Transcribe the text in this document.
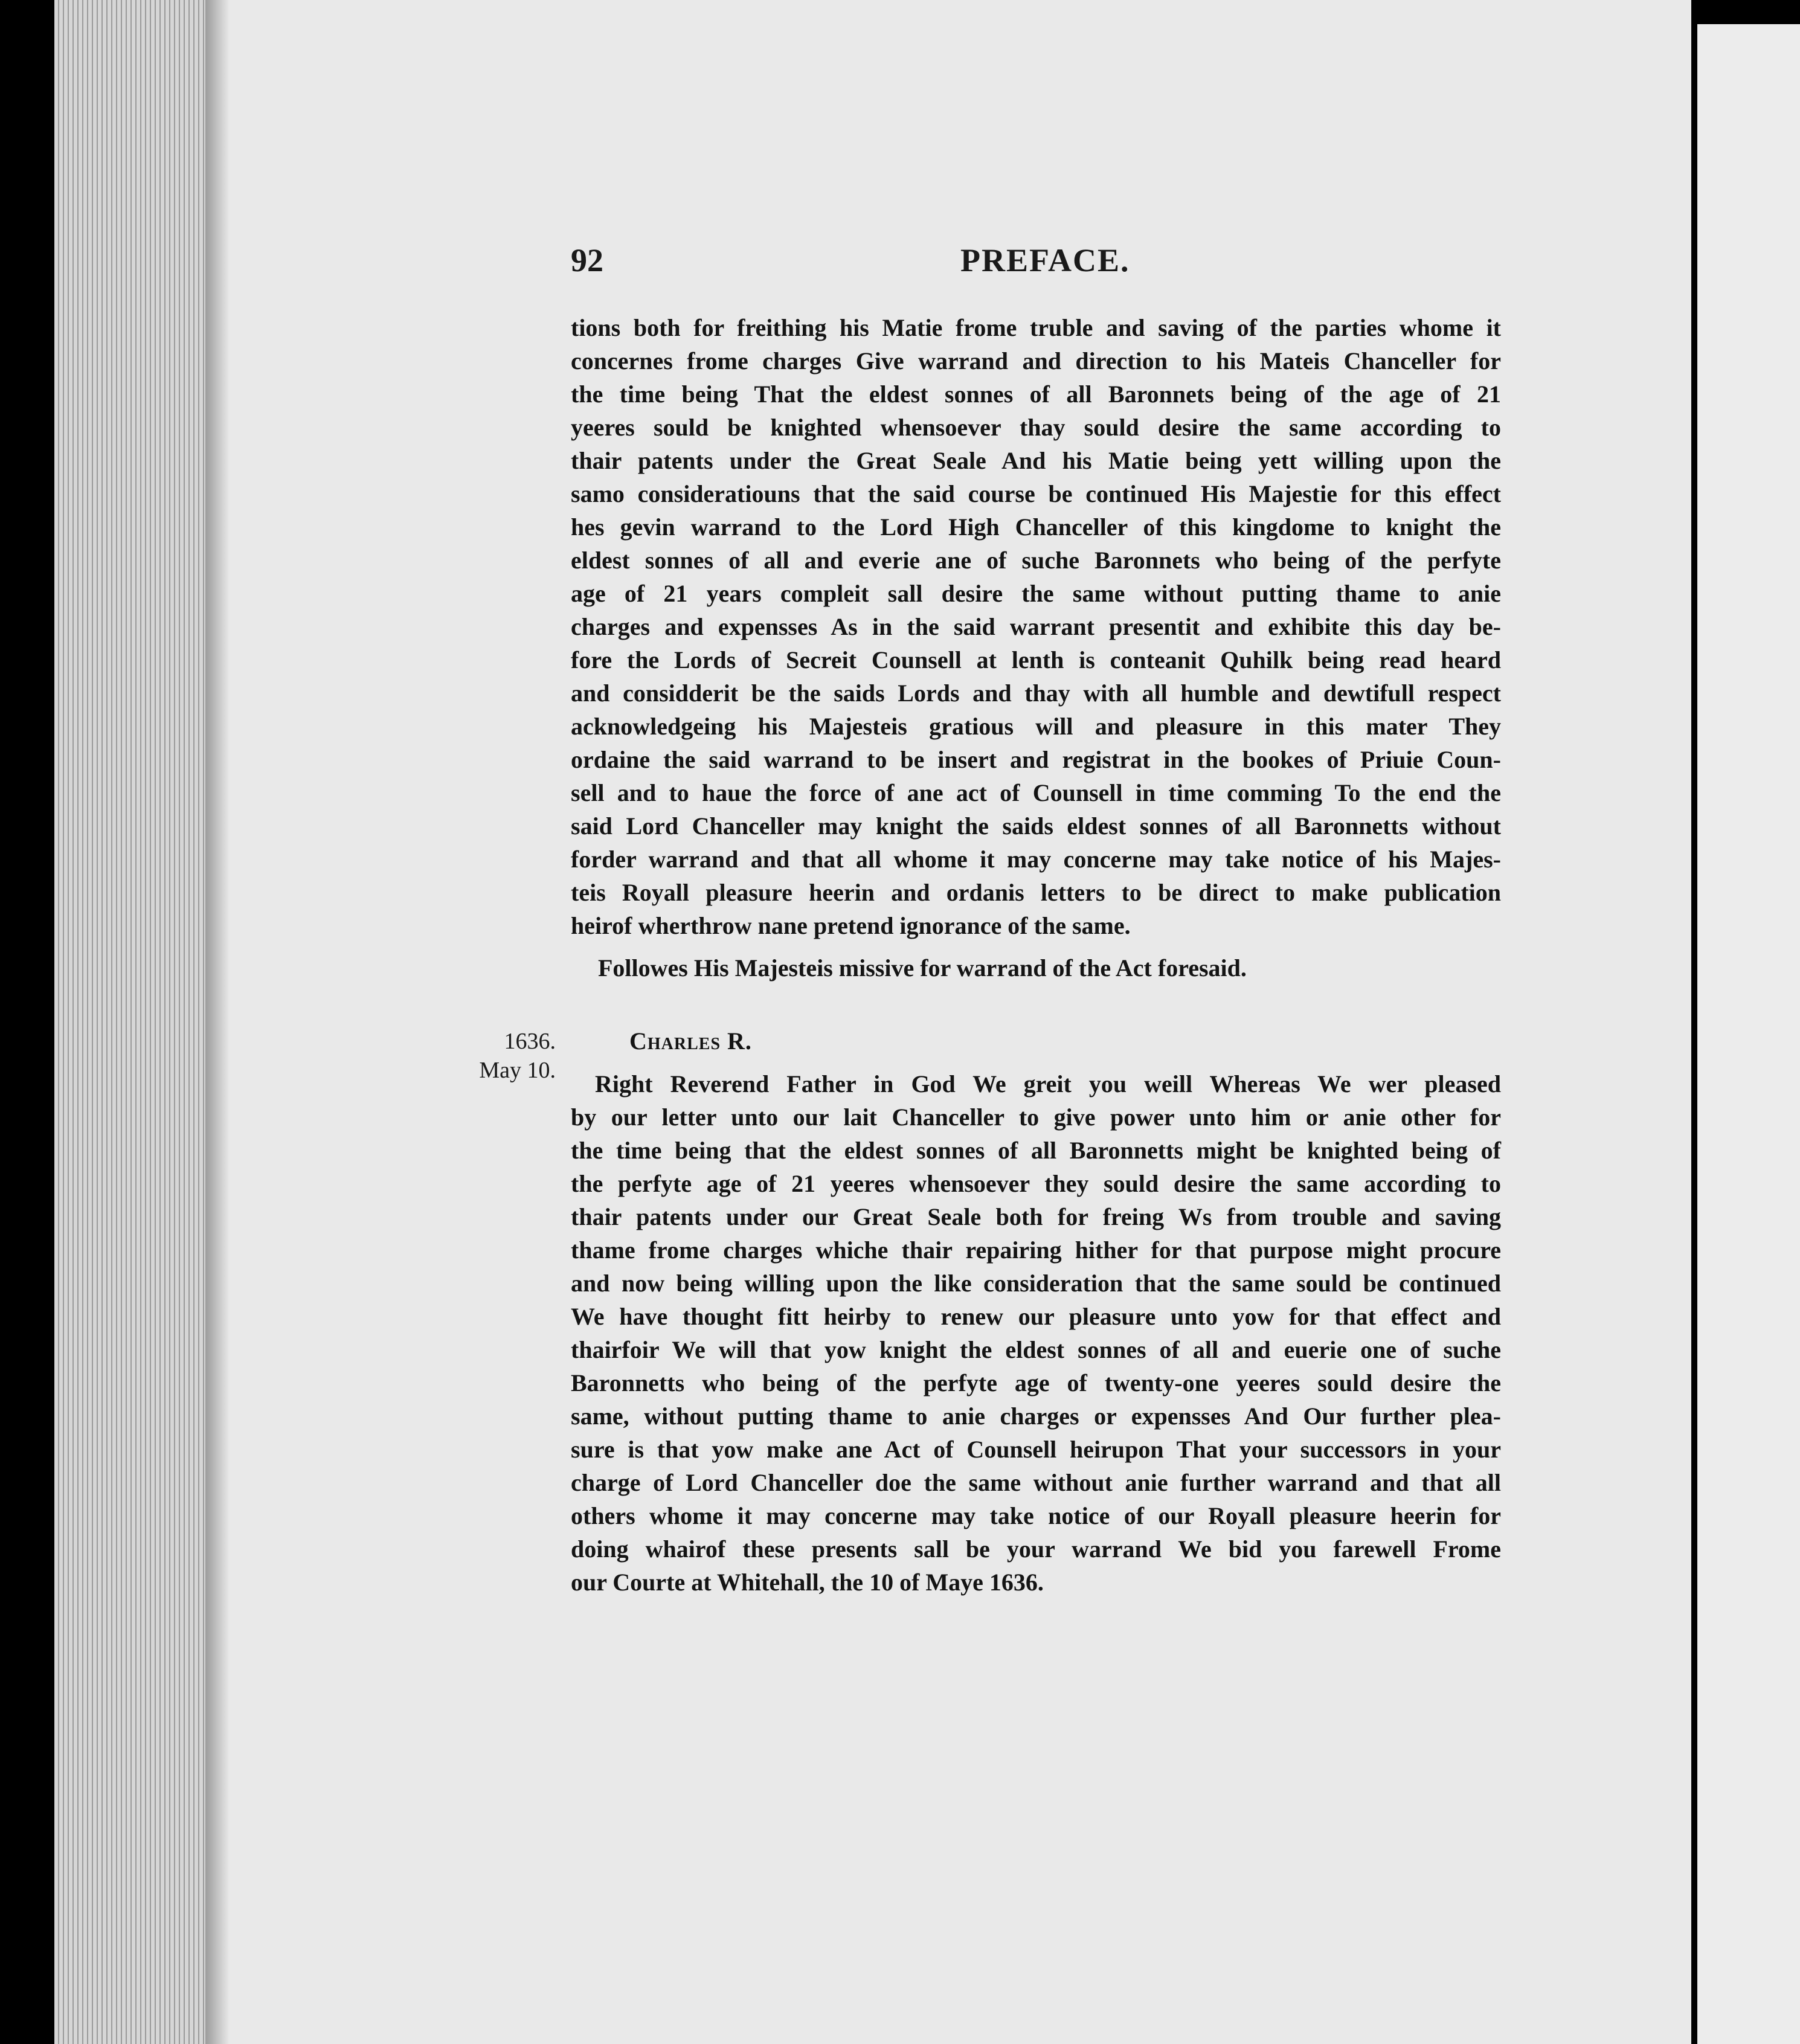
92	PREFACE.
tions both for freithing his Matie frome truble and saving of the parties whome it
concernes frome charges Give warrand and direction to his Mateis Chanceller for
the time being That the eldest sonnes of all Baronnets being of the age of 21
yeeres sould be knighted whensoever thay sould desire the same according to
thair patents under the Great Seale And his Matie being yett willing upon the
samo consideratiouns that the said course be continued His Majestie for this effect
hes gevin warrand to the Lord High Chanceller of this kingdome to knight the
eldest sonnes of all and everie ane of suche Baronnets who being of the perfyte
age of 21 years compleit sall desire the same without putting thame to anie
charges and expensses As in the said warrant presentit and exhibite this day be-
fore the Lords of Secreit Counsell at lenth is conteanit Quhilk being read heard
and considderit be the saids Lords and thay with all humble and dewtifull respect
acknowledgeing his Majesteis gratious will and pleasure in this mater They
ordaine the said warrand to be insert and registrat in the bookes of Priuie Coun-
sell and to haue the force of ane act of Counsell in time comming To the end the
said Lord Chanceller may knight the saids eldest sonnes of all Baronnetts without
forder warrand and that all whome it may concerne may take notice of his Majes-
teis Royall pleasure heerin and ordanis letters to be direct to make publication
heirof wherthrow nane pretend ignorance of the same.
Followes His Majesteis missive for warrand of the Act foresaid.
1636.
May 10.
Charles R.
Right Reverend Father in God We greit you weill Whereas We wer pleased
by our letter unto our lait Chanceller to give power unto him or anie other for
the time being that the eldest sonnes of all Baronnetts might be knighted being of
the perfyte age of 21 yeeres whensoever they sould desire the same according to
thair patents under our Great Seale both for freing Ws from trouble and saving
thame frome charges whiche thair repairing hither for that purpose might procure
and now being willing upon the like consideration that the same sould be continued
We have thought fitt heirby to renew our pleasure unto yow for that effect and
thairfoir We will that yow knight the eldest sonnes of all and euerie one of suche
Baronnetts who being of the perfyte age of twenty-one yeeres sould desire the
same, without putting thame to anie charges or expensses And Our further plea-
sure is that yow make ane Act of Counsell heirupon That your successors in your
charge of Lord Chanceller doe the same without anie further warrand and that all
others whome it may concerne may take notice of our Royall pleasure heerin for
doing whairof these presents sall be your warrand We bid you farewell Frome
our Courte at Whitehall, the 10 of Maye 1636.
